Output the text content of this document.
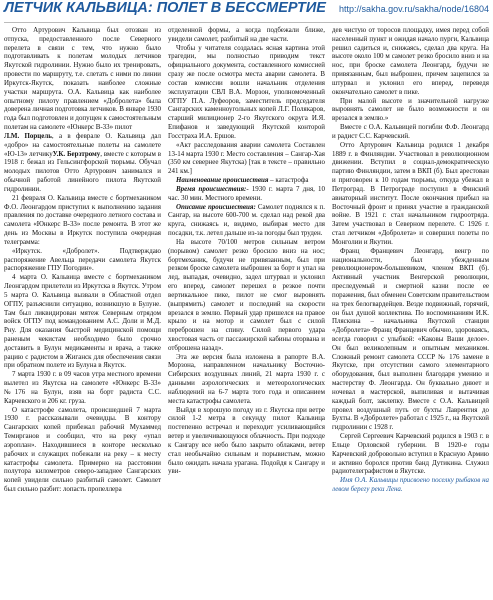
ЛЕТЧИК КАЛЬВИЦА: ПОЛЕТ В БЕССМЕРТИЕ http://sakha.gov.ru/sakha/node/16804

Отто Артурович Кальвица был отозван из отпуска, предоставленного после Северного перелета в связи с тем, что нужно было подготавливать к полетам молодых летчиков Якутской гидролинии. Нужно было их тренировать, провести по маршруту, т.е. слетать с ними по линии Иркутск-Якутск, показать наиболее сложные участки маршрута. О.А. Кальвица как наиболее опытному пилоту правлением «Добролета» была доверена личная подготовка летчиков. В январе 1930 года был подготовлен и допущен к самостоятельным полетам на самолете «Юнкерс В-33» пилот

Л.М. Порцель, а в феврале О. Кальвица дал «добро» на самостоятельные полеты на самолете «Ю-13» летчикуУ.К. Берзтрому, вместе с которым в 1918 г. бежал из Гельсингфорской тюрьмы. Обучал молодых пилотов Отто Артурович занимался и обычной работой линейного пилота Якутской гидролинии.

21 февраля О. Кальвица вместе с бортмехаником Ф.О. Леонгардом приступил к выполнению задания правления по доставке очередного летного состава и самолета «Юнкерс В-33» после ремонта. В этот же день из Москвы в Иркутск поступила очередная телеграмма:

«Иркутск. «Добролет». Подтверждаю распоряжение Авельца передачи самолета Якутск распоряжение ГПУ Погодин».

4 марта О. Кальвица вместе с бортмехаником Леонгардом прилетели из Иркутска в Якутск. Утром 5 марта О. Кальвица вызвали в Областной отдел ОГПУ, разъяснили ситуацию, возникшую в Булуне. Там был ликвидирован мятеж Северным отрядом войск ОГПУ под командованием А.С. Доли и М.Д. Рну. Для оказания быстрой медицинской помощи раненым чекистам необходимо было срочно доставить в Булун медикаменты и врача, а также рацию с радистом в Жиганск для обеспечения связи при обратном полете из Булуна в Якутск.

7 марта 1930 г. в 09 часов утра местного времени вылетел из Якутска на самолете «Юнкерс В-33» №176 на Булун, взяв на борт радиста С.С. Карчевского и 206 кг. груза.

О катастрофе самолета, происшедшей 7 марта 1930 г. рассказывали очевидцы. В контору Сангарских копей прибежал рабочий Мухаммед Темирганов и сообщил, что на реку «упал аэроплан». Находившиеся в конторе несколько рабочих и служащих побежали на реку – к месту катастрофы самолета. Примерно на расстоянии полутора километров северо-западнее Сангарских копей увидели сильно разбитый самолет. Самолет был сильно разбит: лопасть пропеллера

отделенной формы, а когда подбежали ближе, увидели самолет, разбитый на две части.

Чтобы у читателя создалась ясная картина этой трагедии, мы полностью приводим текст официального документа, составленного комиссией сразу же после осмотра места аварии самолета. В состав комиссии вошли начальник отделения эксплуатации СВЛ В.А. Морзон, уполномоченный ОГПУ П.А. Луфеоров, заместитель председателя Сангарских каменноугольных копей Л.Г. Полякаров, старший милиционер 2-го Якутского округа И.Я. Епифанов и заведующий Якутской конторой Госстраха И.А. Ершов.

«Акт расследования аварии самолета Составлен 13-14 марта 1930 г. Место составления – Сангар-Хая (350 км севернее Якутска) [так в тексте – правильно 241 км.]

Наименование происшествия – катастрофа

Время происшествия:- 1930 г. марта 7 дня, 10 час. 30 мин. Местного времени.

Описание происшествия: Самолет поднялся к п. Сангар, на высоте 600-700 м. сделал над рекой два круга, снижаясь и, видимо, выбирая место для посадки, т.к. летел дальше из-за погоды был труден.

На высоте 70/100 метров сильным ветром (порывом) самолет резко бросило вниз на нос; бортмеханик, будучи не привязанным, был при резком броске самолета выброшен за борт и упал на лед, выпадая, очевидно, задел штурвал и уклонил его вперед, самолет перешел в резкое почти вертикальное пике, пилот не смог выровнять (выпрямить) самолет и последний на скорости врезался в землю. Первый удар пришелся на правое крыло и на мотор и самолет был с силой переброшен на спину. Силой первого удара хвостовая часть от пассажирской кабины оторвана и отброшена назад».

Эта же версия была изложена в рапорте В.А. Морзона, направленном начальнику Восточно-Сибирских воздушных линий, 21 марта 1930 г. с данными аэрологических и метеорологических наблюдений на 6-7 марта того года и описанием места катастрофы самолета.

Выйдя в хорошую погоду из г. Якутска при ветре силой 1-2 метра в секунду пилот Кальвица постепенно встречал и переходит усиливающийся ветер и увеличивающуюся облачность. При подходе к Сангару все небо было закрыто облаками, ветер стал необычайно сильным и порывистым, можно было ожидать начала урагана. Подойдя к Сангару и уви-

дев чистую от торосов площадку, имея перед собой населенный пункт и ожидая начало пурги, Кальвица решил садиться и, снижаясь, сделал два круга. На высоте около 100 м самолет резко бросило вниз и на нос, при броске самолета Леонгард, будучи не привязанным, был выброшен, причем зацепился за штурвал и уклонил его вперед, переведя окончательно самолет в пике.

При малой высоте и значительной нагрузке выровнять самолет не было возможности и он врезался в землю.»

Вместе с О.А. Кальвицей погибли Ф.Ф. Леонгард и радист С.С. Карчевский.

Отто Артурович Кальвица родился 1 декабря 1889 г. в Финляндии. Участвовал в революционном движении. Вступил в социал-демократическую партию Финляндии, затем в ВКП (б). Был арестован и приговорен к 10 годам тюрьмы, откуда убежал в Петроград. В Петрограде поступил в Финский авиаторный институт. После окончания прибыл на Восточный фронт и принял участие в гражданской войне. В 1921 г. стал начальником гидроотряда. Затем участвовал в Северном перелете. С 1926 г. стал летчиком «Добролета» и совершил полеты по Монголии и Якутии.

Франц Францевич Леонгард, венгр по национальности, был убежденным революционером-большевиком, членом ВКП (б). Активный участник Венгерской революции, преследуемый и смертной казни после ее поражения, был обменен Советским правительством на трех белогвардейцев. Везде подвижный, горячий, он был душой коллектива. По воспоминаниям И.К. Пляскина – начальника Якутской станции «Добролета» Франц Францевич обычно, здороваясь, всегда говорил с улыбкой: «Каковы Ваши делое». Он был великолепным и опытным механиком. Сложный ремонт самолета СССР № 176 замене в Якутске, при отсутствии самого элементарного оборудования, был выполнен благодаря умению и мастерству Ф. Леонгарда. Он буквально днюет и ночевал в мастерской, выпиливая и вытачивая каждый болт, заклепку. Вместе с О.А. Кальвицей провел воздушный путь от бухты Лаврентия до Бухты. В «Добролете» работал с 1925 г., на Якутской гидролинии с 1928 г.

Сергей Сергеевич Карчевский родился в 1903 г. в Ельце Орловской губернии. В 1920-е годы Карчевский добровольно вступил в Красную Армию и активно боролся против банд Дутикина. Служил радиотелеграфистом в Якутске.

Имя О.А. Кальвицы присвоено поселку рыбаков на левом берегу реки Лена.
